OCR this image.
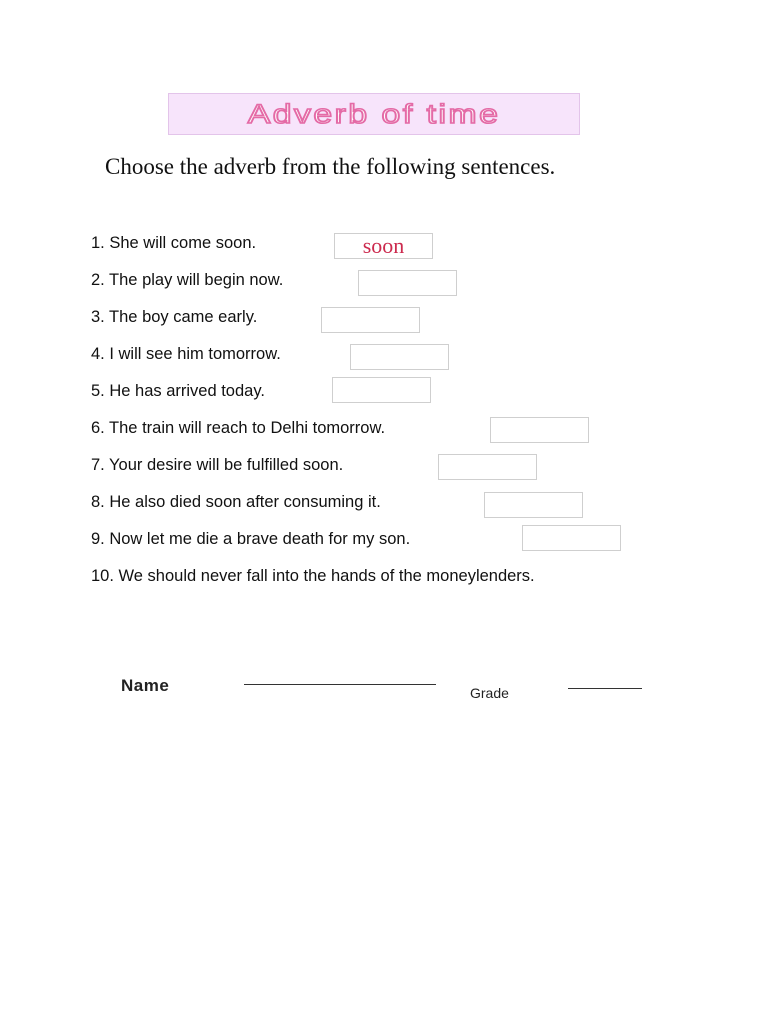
Adverb of time
Choose the adverb from the following sentences.
1. She will come soon.	soon
2. The play will begin now.
3. The boy came early.
4. I will see him tomorrow.
5. He has arrived today.
6. The train will reach to Delhi tomorrow.
7. Your desire will be fulfilled soon.
8. He also died soon after consuming it.
9. Now let me die a brave death for my son.
10. We should never fall into the hands of the moneylenders.
Name	Grade
